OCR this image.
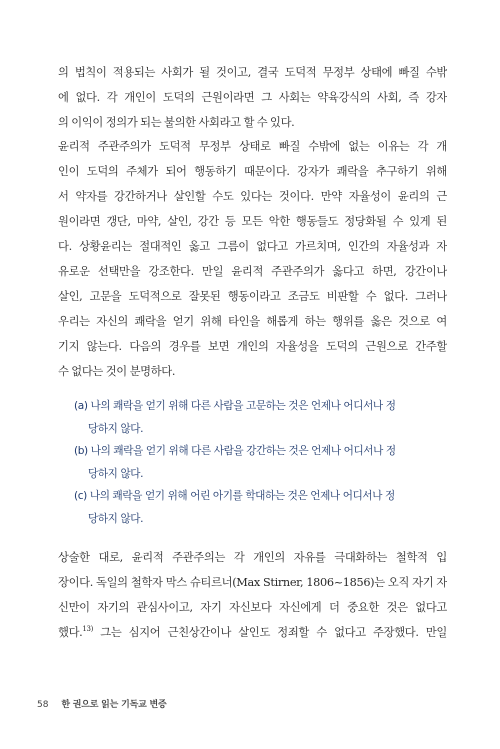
의 법칙이 적용되는 사회가 될 것이고, 결국 도덕적 무정부 상태에 빠질 수밖
에 없다. 각 개인이 도덕의 근원이라면 그 사회는 약육강식의 사회, 즉 강자
의 이익이 정의가 되는 불의한 사회라고 할 수 있다.

윤리적 주관주의가 도덕적 무정부 상태로 빠질 수밖에 없는 이유는 각 개
인이 도덕의 주체가 되어 행동하기 때문이다. 강자가 쾌락을 추구하기 위해
서 약자를 강간하거나 살인할 수도 있다는 것이다. 만약 자율성이 윤리의 근
원이라면 갱단, 마약, 살인, 강간 등 모든 악한 행동들도 정당화될 수 있게 된
다. 상황윤리는 절대적인 옳고 그름이 없다고 가르치며, 인간의 자율성과 자
유로운 선택만을 강조한다. 만일 윤리적 주관주의가 옳다고 하면, 강간이나
살인, 고문을 도덕적으로 잘못된 행동이라고 조금도 비판할 수 없다. 그러나
우리는 자신의 쾌락을 얻기 위해 타인을 해롭게 하는 행위를 옳은 것으로 여
기지 않는다. 다음의 경우를 보면 개인의 자율성을 도덕의 근원으로 간주할
수 없다는 것이 분명하다.

(a) 나의 쾌락을 얻기 위해 다른 사람을 고문하는 것은 언제나 어디서나 정
당하지 않다.
(b) 나의 쾌락을 얻기 위해 다른 사람을 강간하는 것은 언제나 어디서나 정
당하지 않다.
(c) 나의 쾌락을 얻기 위해 어린 아기를 학대하는 것은 언제나 어디서나 정
당하지 않다.

상술한 대로, 윤리적 주관주의는 각 개인의 자유를 극대화하는 철학적 입
장이다. 독일의 철학자 막스 슈티르너(Max Stirner, 1806~1856)는 오직 자기 자
신만이 자기의 관심사이고, 자기 자신보다 자신에게 더 중요한 것은 없다고
했다.$^{13)}$ 그는 심지어 근친상간이나 살인도 정죄할 수 없다고 주장했다. 만일

58 한 권으로 읽는 기독교 변증
